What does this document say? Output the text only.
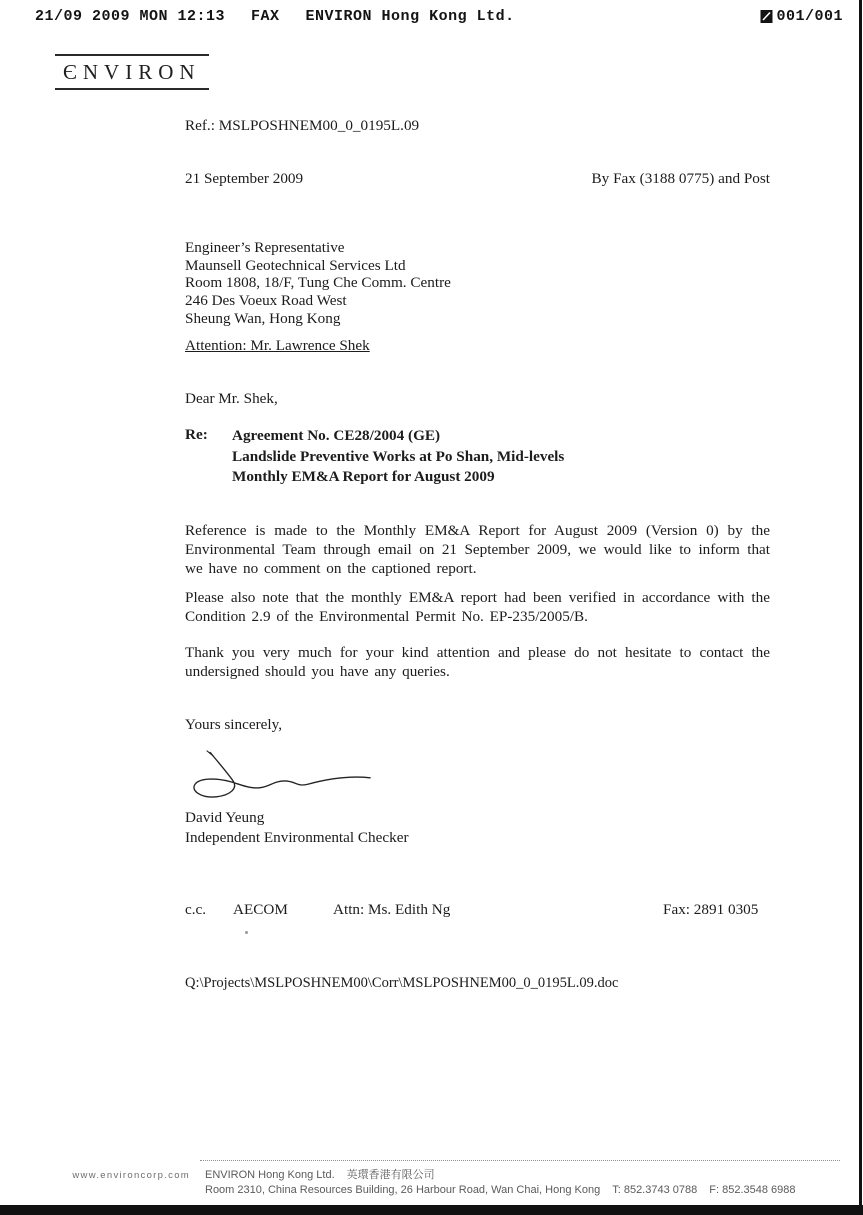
21/09 2009 MON 12:13 FAX ENVIRON Hong Kong Ltd.	001/001
ЄNVIRON
Ref.: MSLPOSHNEM00_0_0195L.09
21 September 2009	By Fax (3188 0775) and Post
Engineer’s Representative
Maunsell Geotechnical Services Ltd
Room 1808, 18/F, Tung Che Comm. Centre
246 Des Voeux Road West
Sheung Wan, Hong Kong
Attention: Mr. Lawrence Shek
Dear Mr. Shek,
Re:	Agreement No. CE28/2004 (GE)
Landslide Preventive Works at Po Shan, Mid-levels
Monthly EM&A Report for August 2009
Reference is made to the Monthly EM&A Report for August 2009 (Version 0) by the Environmental Team through email on 21 September 2009, we would like to inform that we have no comment on the captioned report.
Please also note that the monthly EM&A report had been verified in accordance with the Condition 2.9 of the Environmental Permit No. EP-235/2005/B.
Thank you very much for your kind attention and please do not hesitate to contact the undersigned should you have any queries.
Yours sincerely,
David Yeung
Independent Environmental Checker
c.c. AECOM	Attn: Ms. Edith Ng	Fax: 2891 0305
Q:\Projects\MSLPOSHNEM00\Corr\MSLPOSHNEM00_0_0195L.09.doc
www.environcorp.com ENVIRON Hong Kong Ltd. 英環香港有限公司
Room 2310, China Resources Building, 26 Harbour Road, Wan Chai, Hong Kong T: 852.3743 0788 F: 852.3548 6988
